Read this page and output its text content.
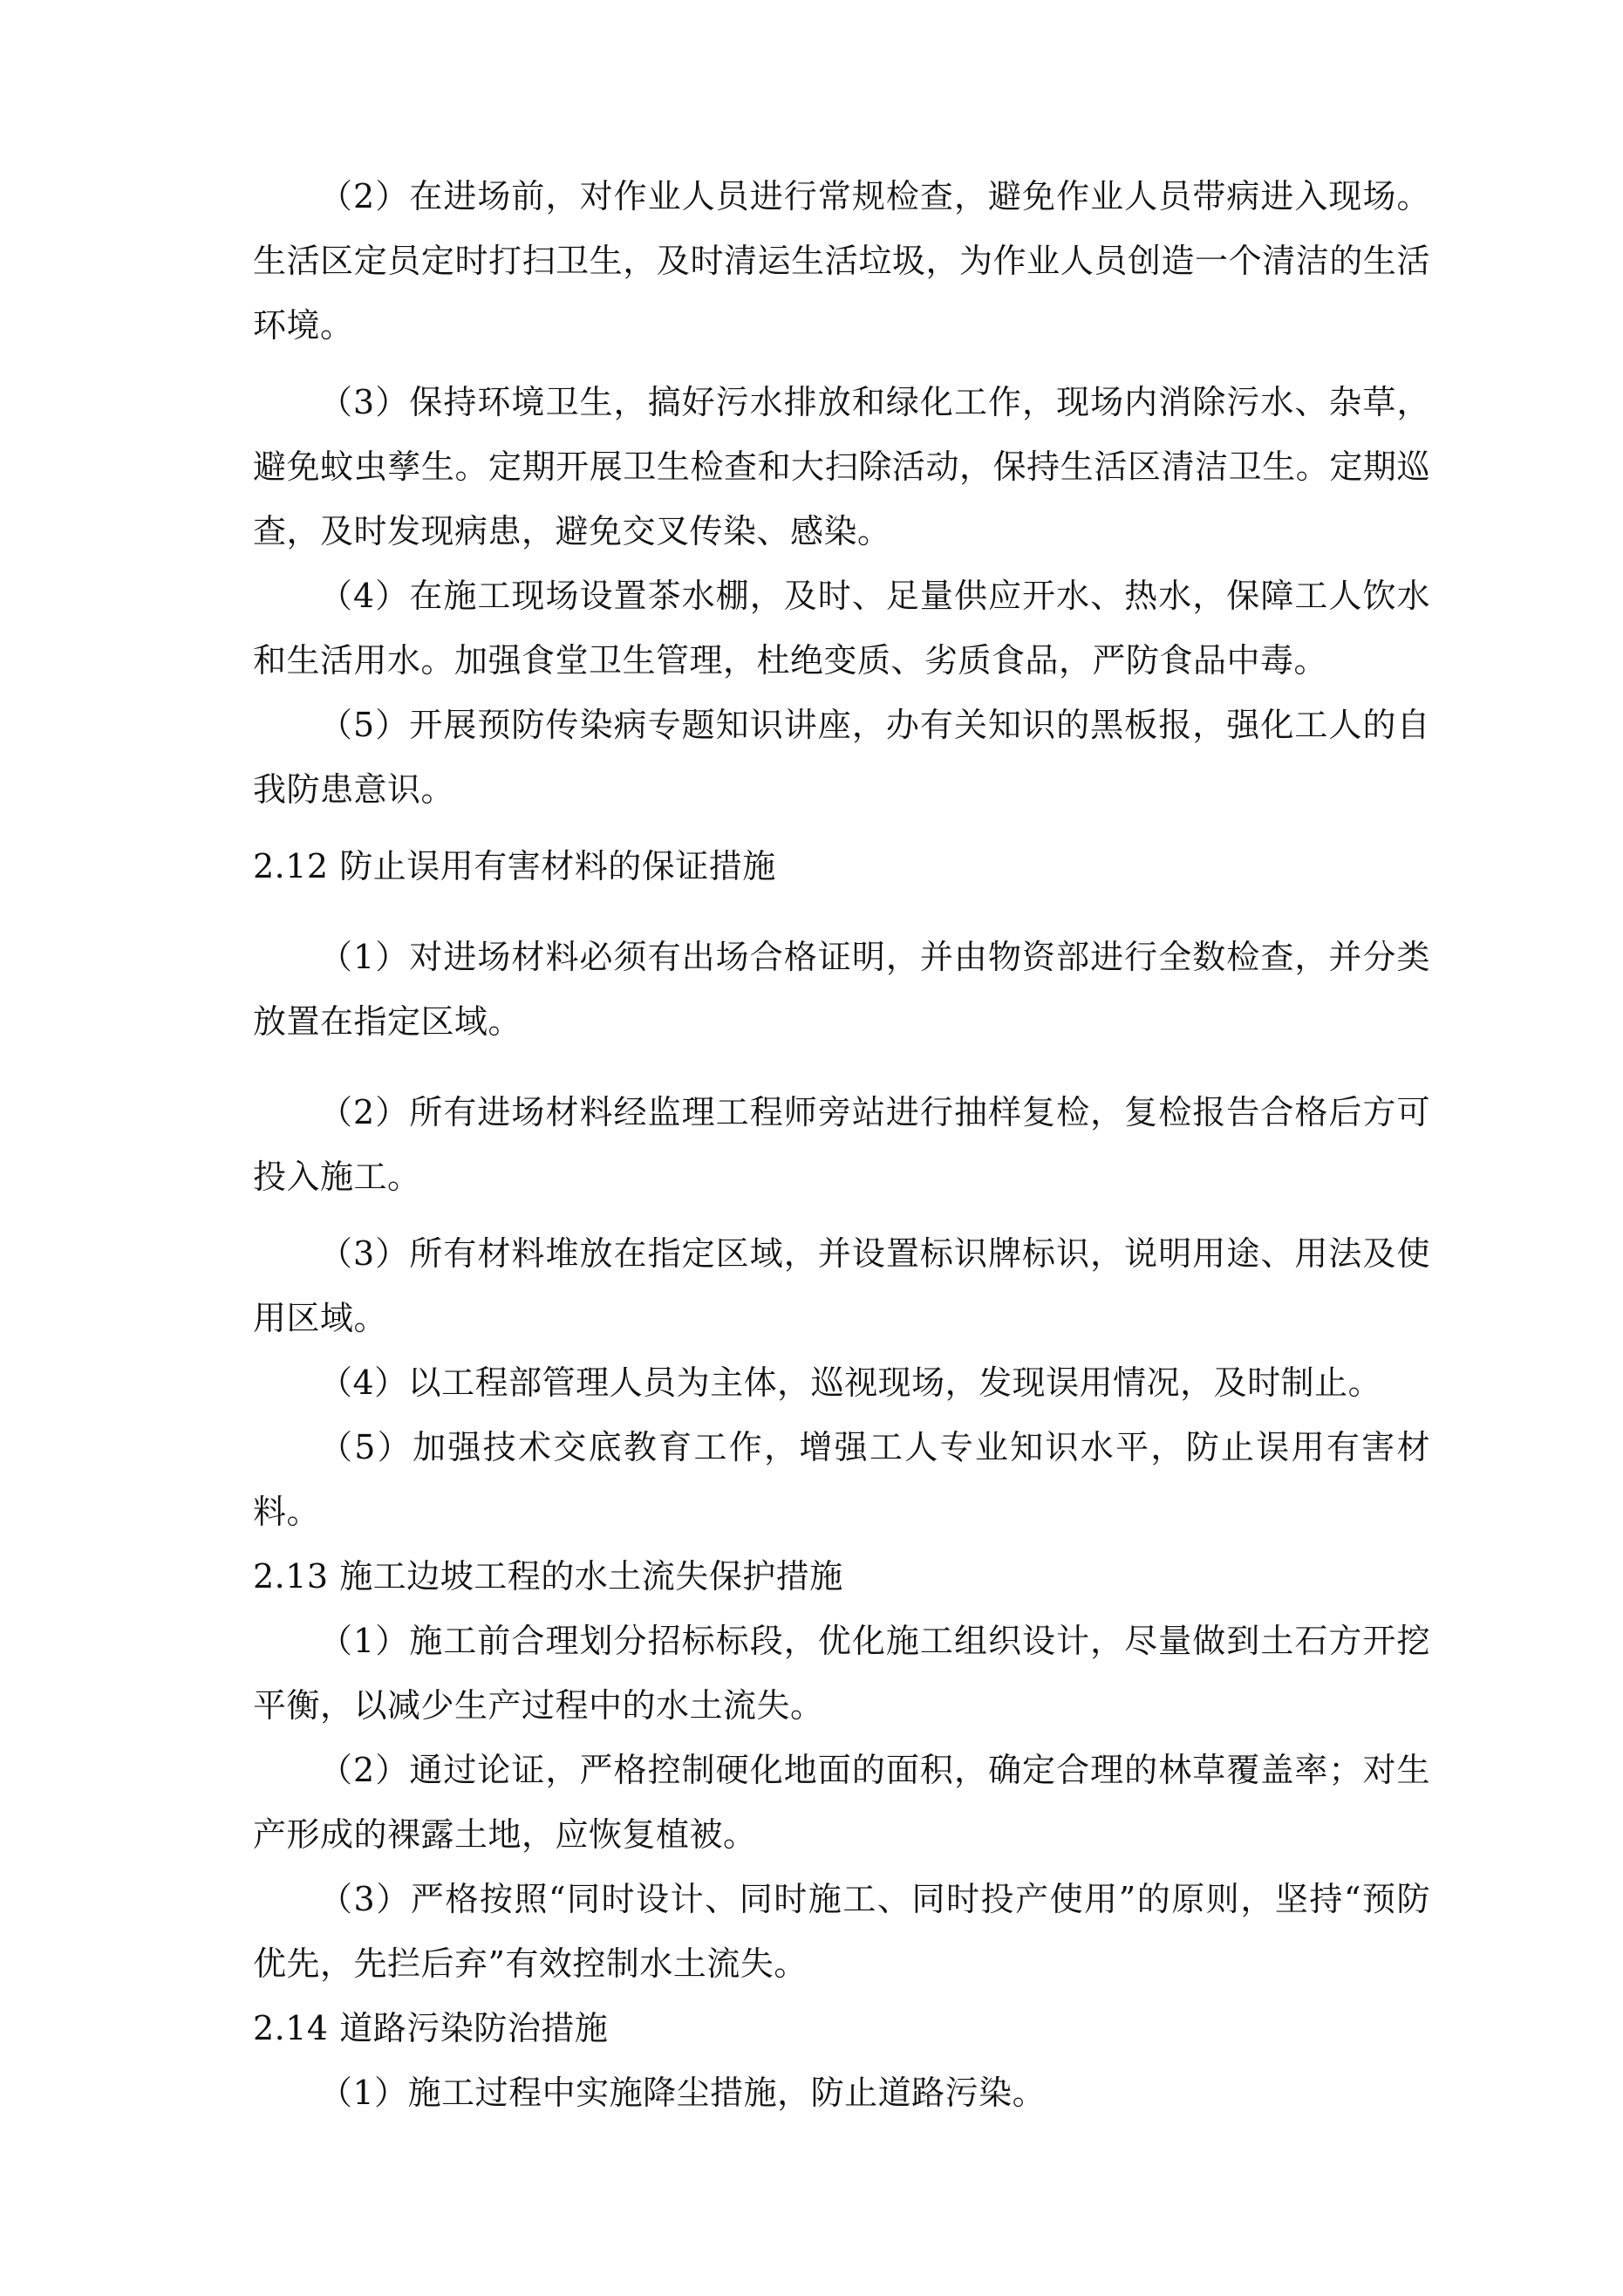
（2）在进场前，对作业人员进行常规检查，避免作业人员带病进入现场。生活区定员定时打扫卫生，及时清运生活垃圾，为作业人员创造一个清洁的生活环境。

（3）保持环境卫生，搞好污水排放和绿化工作，现场内消除污水、杂草，避免蚊虫孳生。定期开展卫生检查和大扫除活动，保持生活区清洁卫生。定期巡查，及时发现病患，避免交叉传染、感染。

（4）在施工现场设置茶水棚，及时、足量供应开水、热水，保障工人饮水和生活用水。加强食堂卫生管理，杜绝变质、劣质食品，严防食品中毒。

（5）开展预防传染病专题知识讲座，办有关知识的黑板报，强化工人的自我防患意识。

2.12 防止误用有害材料的保证措施

（1）对进场材料必须有出场合格证明，并由物资部进行全数检查，并分类放置在指定区域。

（2）所有进场材料经监理工程师旁站进行抽样复检，复检报告合格后方可投入施工。

（3）所有材料堆放在指定区域，并设置标识牌标识，说明用途、用法及使用区域。

（4）以工程部管理人员为主体，巡视现场，发现误用情况，及时制止。

（5）加强技术交底教育工作，增强工人专业知识水平，防止误用有害材料。

2.13 施工边坡工程的水土流失保护措施

（1）施工前合理划分招标标段，优化施工组织设计，尽量做到土石方开挖平衡，以减少生产过程中的水土流失。

（2）通过论证，严格控制硬化地面的面积，确定合理的林草覆盖率；对生产形成的裸露土地，应恢复植被。

（3）严格按照“同时设计、同时施工、同时投产使用”的原则，坚持“预防优先，先拦后弃”有效控制水土流失。

2.14 道路污染防治措施

（1）施工过程中实施降尘措施，防止道路污染。
